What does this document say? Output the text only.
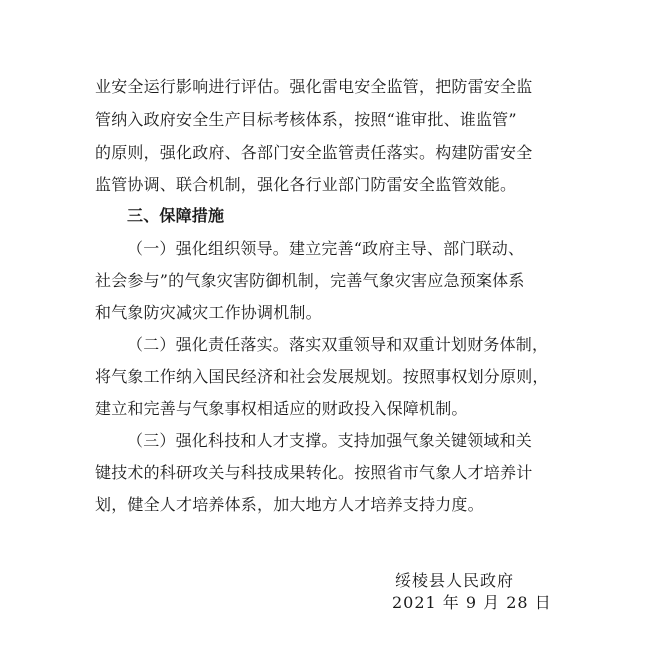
业安全运行影响进行评估。强化雷电安全监管，把防雷安全监
管纳入政府安全生产目标考核体系，按照“谁审批、谁监管”
的原则，强化政府、各部门安全监管责任落实。构建防雷安全
监管协调、联合机制，强化各行业部门防雷安全监管效能。
三、保障措施
（一）强化组织领导。建立完善“政府主导、部门联动、
社会参与”的气象灾害防御机制，完善气象灾害应急预案体系
和气象防灾减灾工作协调机制。
（二）强化责任落实。落实双重领导和双重计划财务体制，
将气象工作纳入国民经济和社会发展规划。按照事权划分原则，
建立和完善与气象事权相适应的财政投入保障机制。
（三）强化科技和人才支撑。支持加强气象关键领域和关
键技术的科研攻关与科技成果转化。按照省市气象人才培养计
划，健全人才培养体系，加大地方人才培养支持力度。
绥棱县人民政府
2021 年 9 月 28 日
